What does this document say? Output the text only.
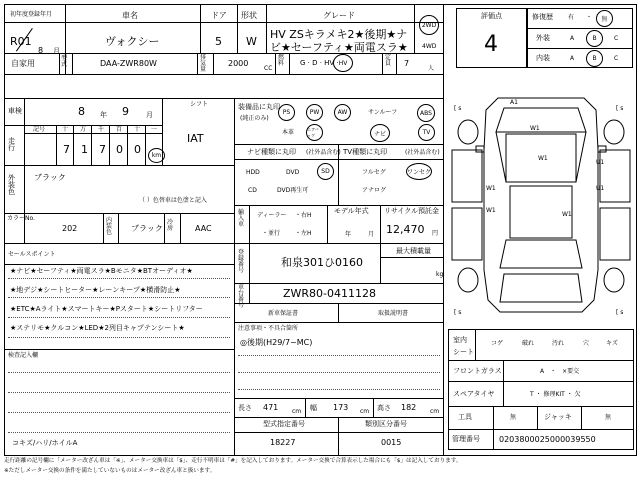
初年度登録年月	車名	ドア 形状	グレード
R01
8 月
ヴォクシー	5 W
HV ZSキラメキ2★後期★ナ
ビ★セーフティ★両電スラ★
2WD
4WD
自家用
型式	DAA-ZWR80W
排気量
2000
CC
燃料	G · D · HV · HV
定員	7
人
車検	8 年 9 月
シフト
IAT
走行
記号	十 万 千 百 十 一
7 1 7 0 0 km
外装色
ブラック
（ ）色替車は色塗と記入
カラーNo.
202
内装色 ブラック
冷房	AAC
装備品に丸印
(純正のみ)
PS	PW	AW	サンルーフ	ABS
本革	エアバッグ	ナビ	TV
ナビ種類に丸印 (社外品含む)
HDD	DVD	SD
CD	DVD再生可
TV種類に丸印	(社外品含む)
フルセグ	ワンセグ
アナログ
輸入車
ディーラー ・ 右H
・並行 ・ 左H
モデル年式
年	月
リサイクル預託金
12,470 円
登録番号
和泉301ひ0160
最大積載量
kg
車台番号
ZWR80-0411128
セールスポイント
★ナビ★セーフティ★両電スラ★Bモニタ★BTオーディオ★
★地デジ★シートヒーター★レーンキープ★横滑防止★
★ETC★Aライト★スマートキー★Pスタート★シートリフター
★ステリモ★クルコン★LED★2列目キャプテンシート★
検査記入欄
コキズ/ハリ/ホイルA
新車保証書	取扱説明書
注意事項・不具合箇所
◎後期(H29/7~MC)
長さ 471 cm 幅 173 cm 高さ 182 cm
型式指定番号
18227
類別区分番号
0015
評価点
4
修復歴	有 ・ 無
外装	A	B	C
内装	A	B	C
A1
W1
W1
U1
W1	U1
W1
W1
[ s	[ s
[ s	[ s
室内
シート
コゲ	破れ	汚れ	穴	キズ
フロントガラス	A　・　×要交
スペアタイヤ	T ・ 修理KIT ・ 欠
工具	無	ジャッキ	無
管理番号 0203800025000039550
走行距離の記号欄に「メーター改ざん車は「※」、メーター交換車は「$」、走行不明車は「#」を記入しております。メーター交換で合算表示した場合にも「$」は記入しております。
※ただしメーター交換の条件を満たしていないものはメーター改ざん車と扱います。
